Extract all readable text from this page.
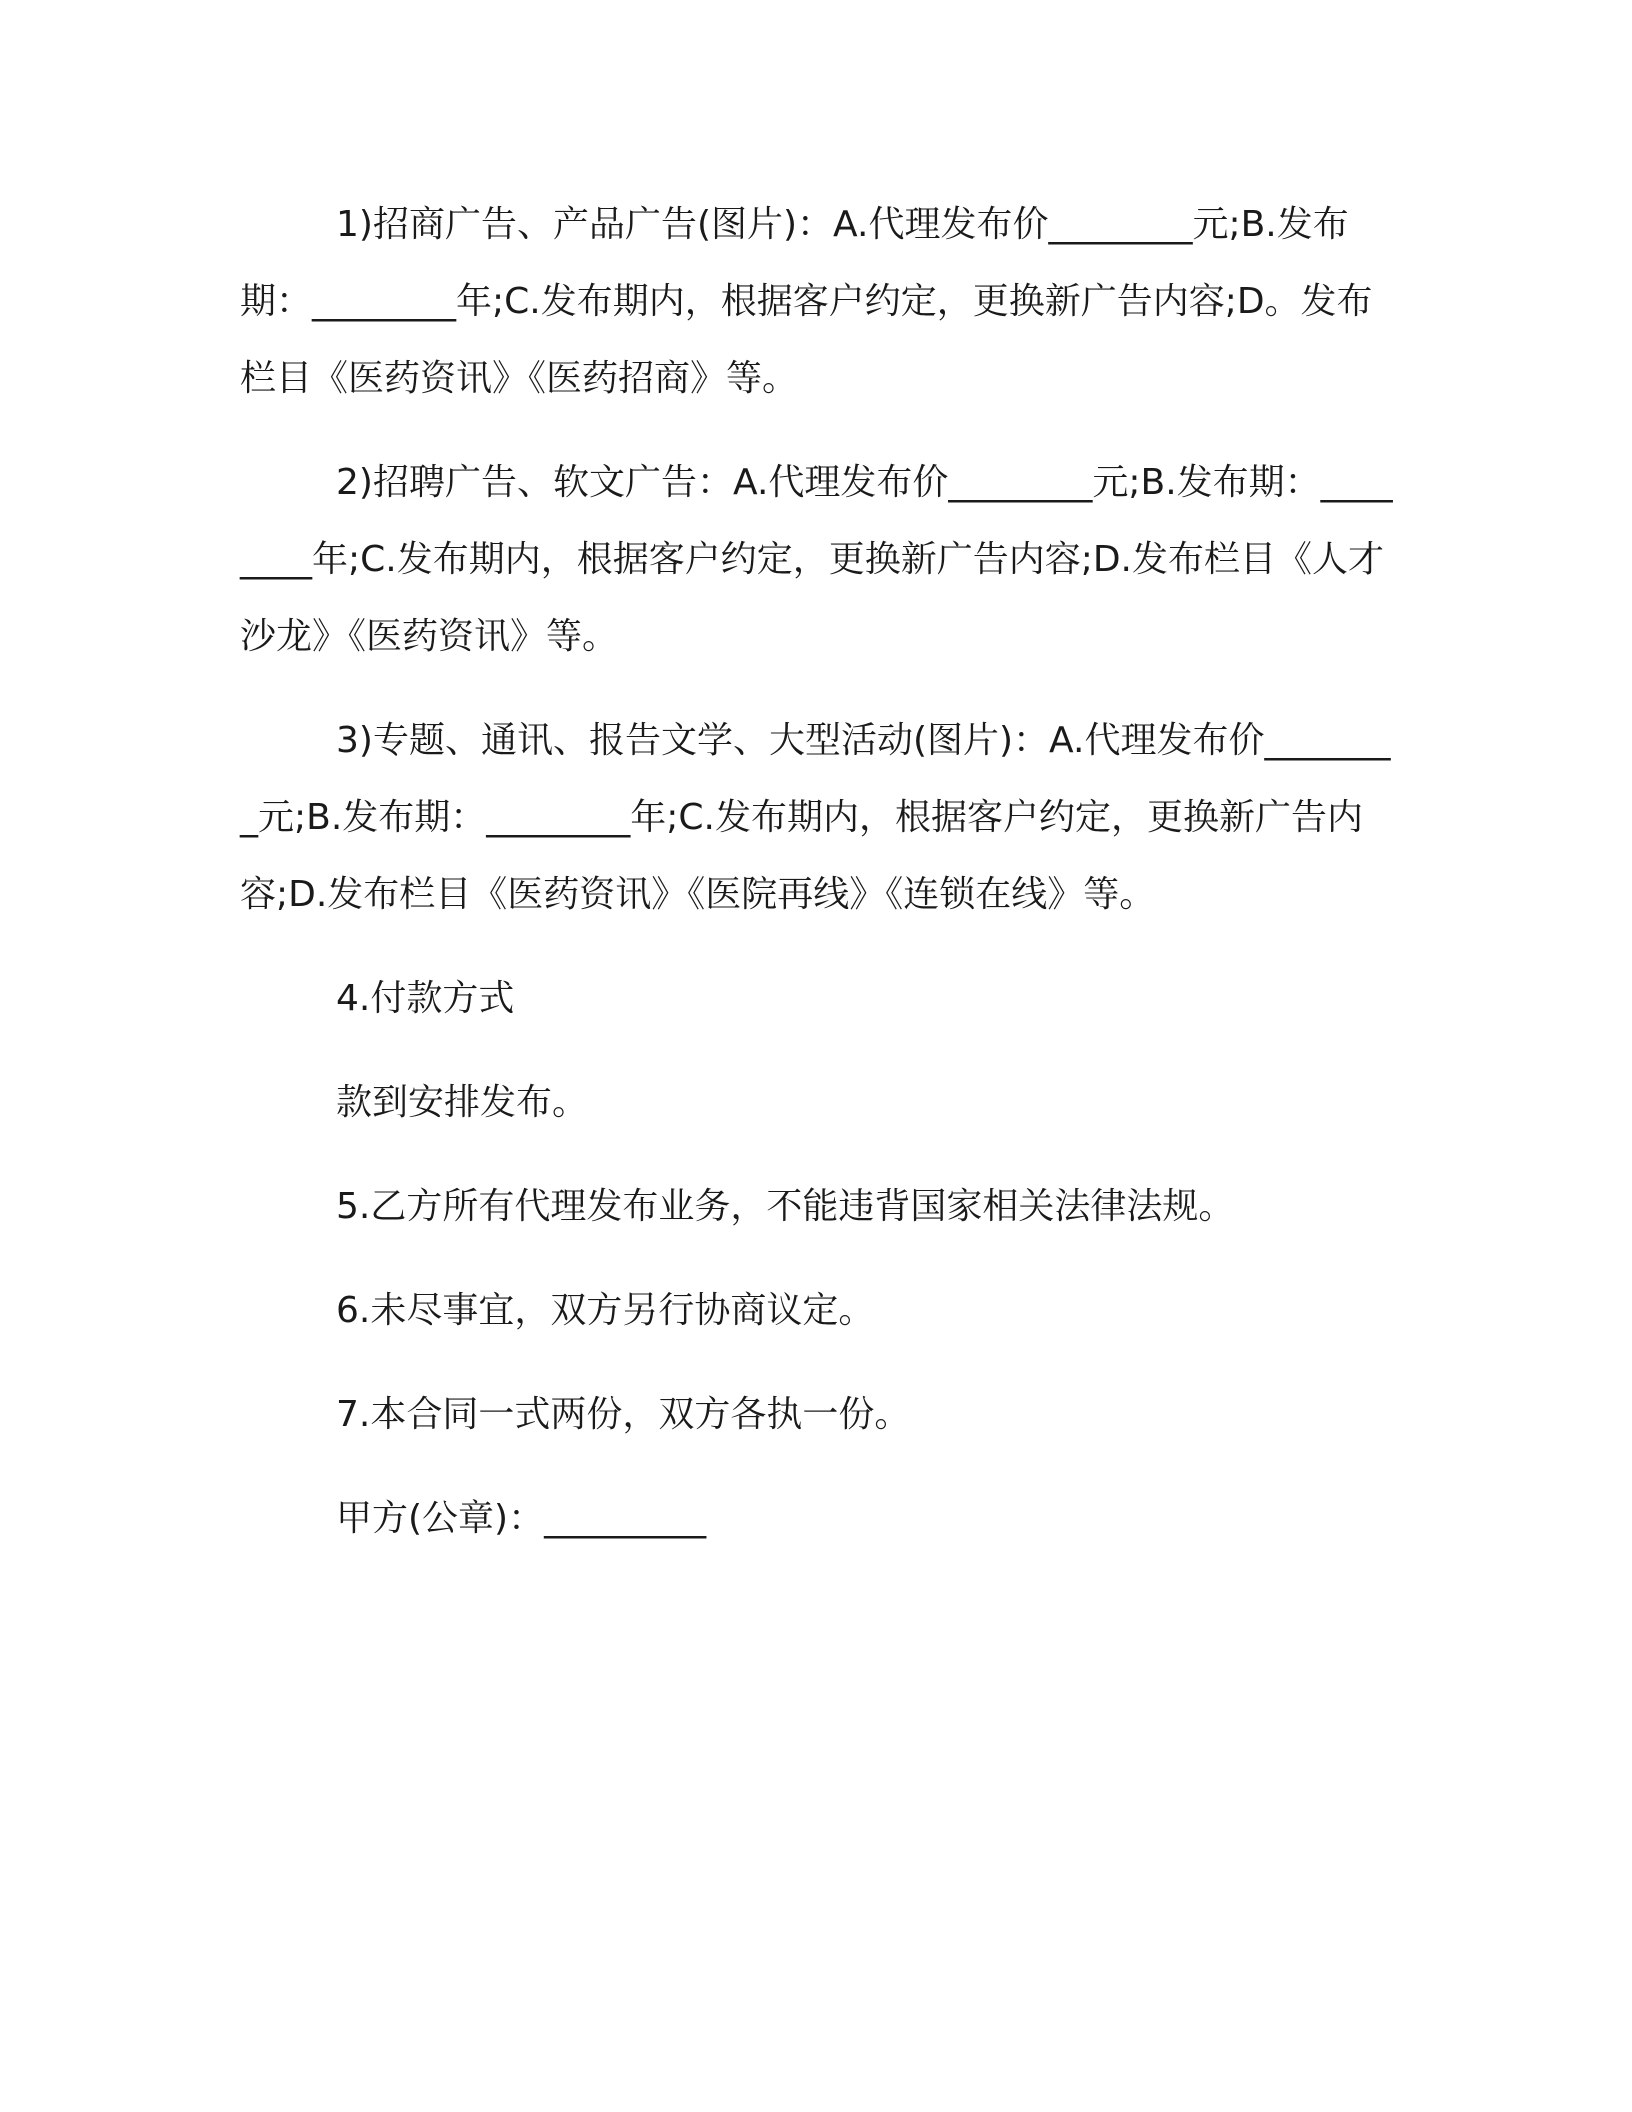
1)招商广告、产品广告(图片)：A.代理发布价________元;B.发布期：________年;C.发布期内，根据客户约定，更换新广告内容;D。发布栏目《医药资讯》《医药招商》等。

2)招聘广告、软文广告：A.代理发布价________元;B.发布期：________年;C.发布期内，根据客户约定，更换新广告内容;D.发布栏目《人才沙龙》《医药资讯》等。

3)专题、通讯、报告文学、大型活动(图片)：A.代理发布价________元;B.发布期：________年;C.发布期内，根据客户约定，更换新广告内容;D.发布栏目《医药资讯》《医院再线》《连锁在线》等。

4.付款方式

款到安排发布。

5.乙方所有代理发布业务，不能违背国家相关法律法规。

6.未尽事宜，双方另行协商议定。

7.本合同一式两份，双方各执一份。

甲方(公章)：_________
